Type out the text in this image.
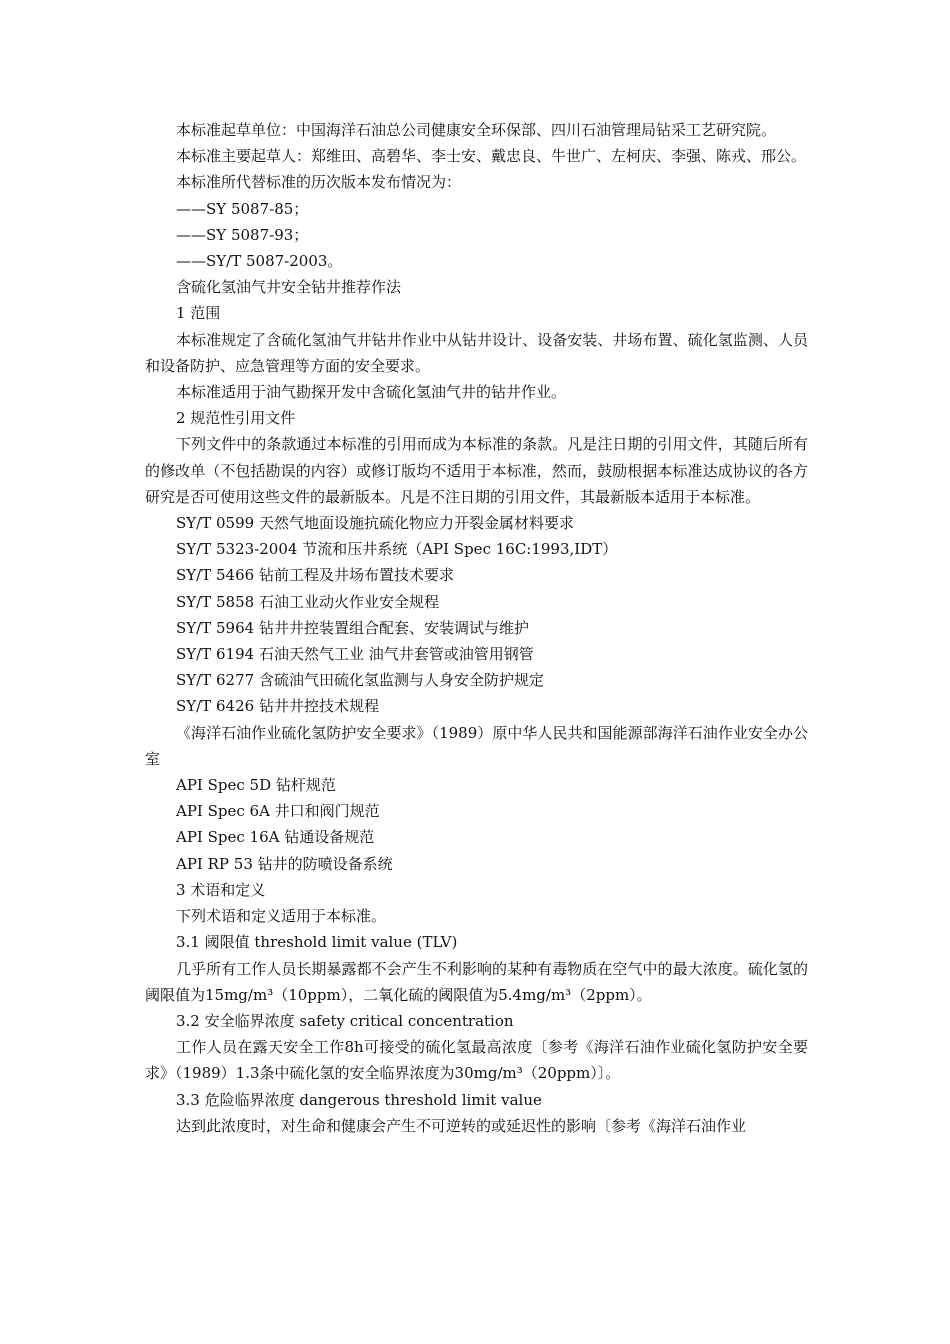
本标准起草单位：中国海洋石油总公司健康安全环保部、四川石油管理局钻采工艺研究院。

本标准主要起草人：郑维田、高碧华、李士安、戴忠良、牛世广、左柯庆、李强、陈戎、邢公。

本标准所代替标准的历次版本发布情况为：

——SY 5087-85；

——SY 5087-93；

——SY/T 5087-2003。

含硫化氢油气井安全钻井推荐作法

1 范围

本标准规定了含硫化氢油气井钻井作业中从钻井设计、设备安装、井场布置、硫化氢监测、人员和设备防护、应急管理等方面的安全要求。

本标准适用于油气勘探开发中含硫化氢油气井的钻井作业。

2 规范性引用文件

下列文件中的条款通过本标准的引用而成为本标准的条款。凡是注日期的引用文件，其随后所有的修改单（不包括勘误的内容）或修订版均不适用于本标准，然而，鼓励根据本标准达成协议的各方研究是否可使用这些文件的最新版本。凡是不注日期的引用文件，其最新版本适用于本标准。

SY/T 0599 天然气地面设施抗硫化物应力开裂金属材料要求

SY/T 5323-2004 节流和压井系统（API Spec 16C:1993,IDT）

SY/T 5466 钻前工程及井场布置技术要求

SY/T 5858 石油工业动火作业安全规程

SY/T 5964 钻井井控装置组合配套、安装调试与维护

SY/T 6194 石油天然气工业 油气井套管或油管用钢管

SY/T 6277 含硫油气田硫化氢监测与人身安全防护规定

SY/T 6426 钻井井控技术规程

《海洋石油作业硫化氢防护安全要求》（1989）原中华人民共和国能源部海洋石油作业安全办公室

API Spec 5D 钻杆规范

API Spec 6A 井口和阀门规范

API Spec 16A 钻通设备规范

API RP 53 钻井的防喷设备系统

3 术语和定义

下列术语和定义适用于本标准。

3.1 阈限值 threshold limit value (TLV)

几乎所有工作人员长期暴露都不会产生不利影响的某种有毒物质在空气中的最大浓度。硫化氢的阈限值为15mg/m³（10ppm），二氧化硫的阈限值为5.4mg/m³（2ppm）。

3.2 安全临界浓度 safety critical concentration

工作人员在露天安全工作8h可接受的硫化氢最高浓度〔参考《海洋石油作业硫化氢防护安全要求》（1989）1.3条中硫化氢的安全临界浓度为30mg/m³（20ppm）〕。

3.3 危险临界浓度 dangerous threshold limit value

达到此浓度时，对生命和健康会产生不可逆转的或延迟性的影响〔参考《海洋石油作业
